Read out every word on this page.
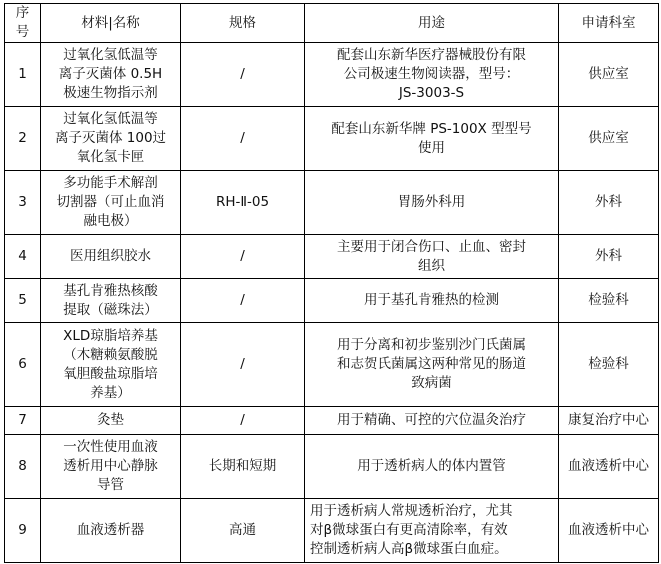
序
号	材料|名称	规格	用途	申请科室
1	过氧化氢低温等
离子灭菌体 0.5H
极速生物指示剂	/	配套山东新华医疗器械股份有限
公司极速生物阅读器，型号：
JS-3003-S	供应室
2	过氧化氢低温等
离子灭菌体 100过
氧化氢卡匣	/	配套山东新华牌 PS-100X 型型号
使用	供应室
3	多功能手术解剖
切割器（可止血消
融电极）	RH-Ⅱ-05	胃肠外科用	外科
4	医用组织胶水	/	主要用于闭合伤口、止血、密封
组织	外科
5	基孔肯雅热核酸
提取（磁珠法）	/	用于基孔肯雅热的检测	检验科
6	XLD琼脂培养基
（木糖赖氨酸脱
氧胆酸盐琼脂培
养基）	/	用于分离和初步鉴别沙门氏菌属
和志贺氏菌属这两种常见的肠道
致病菌	检验科
7	灸垫	/	用于精确、可控的穴位温灸治疗	康复治疗中心
8	一次性使用血液
透析用中心静脉
导管	长期和短期	用于透析病人的体内置管	血液透析中心
9	血液透析器	高通	用于透析病人常规透析治疗，尤其
对β微球蛋白有更高清除率，有效
控制透析病人高β微球蛋白血症。	血液透析中心
